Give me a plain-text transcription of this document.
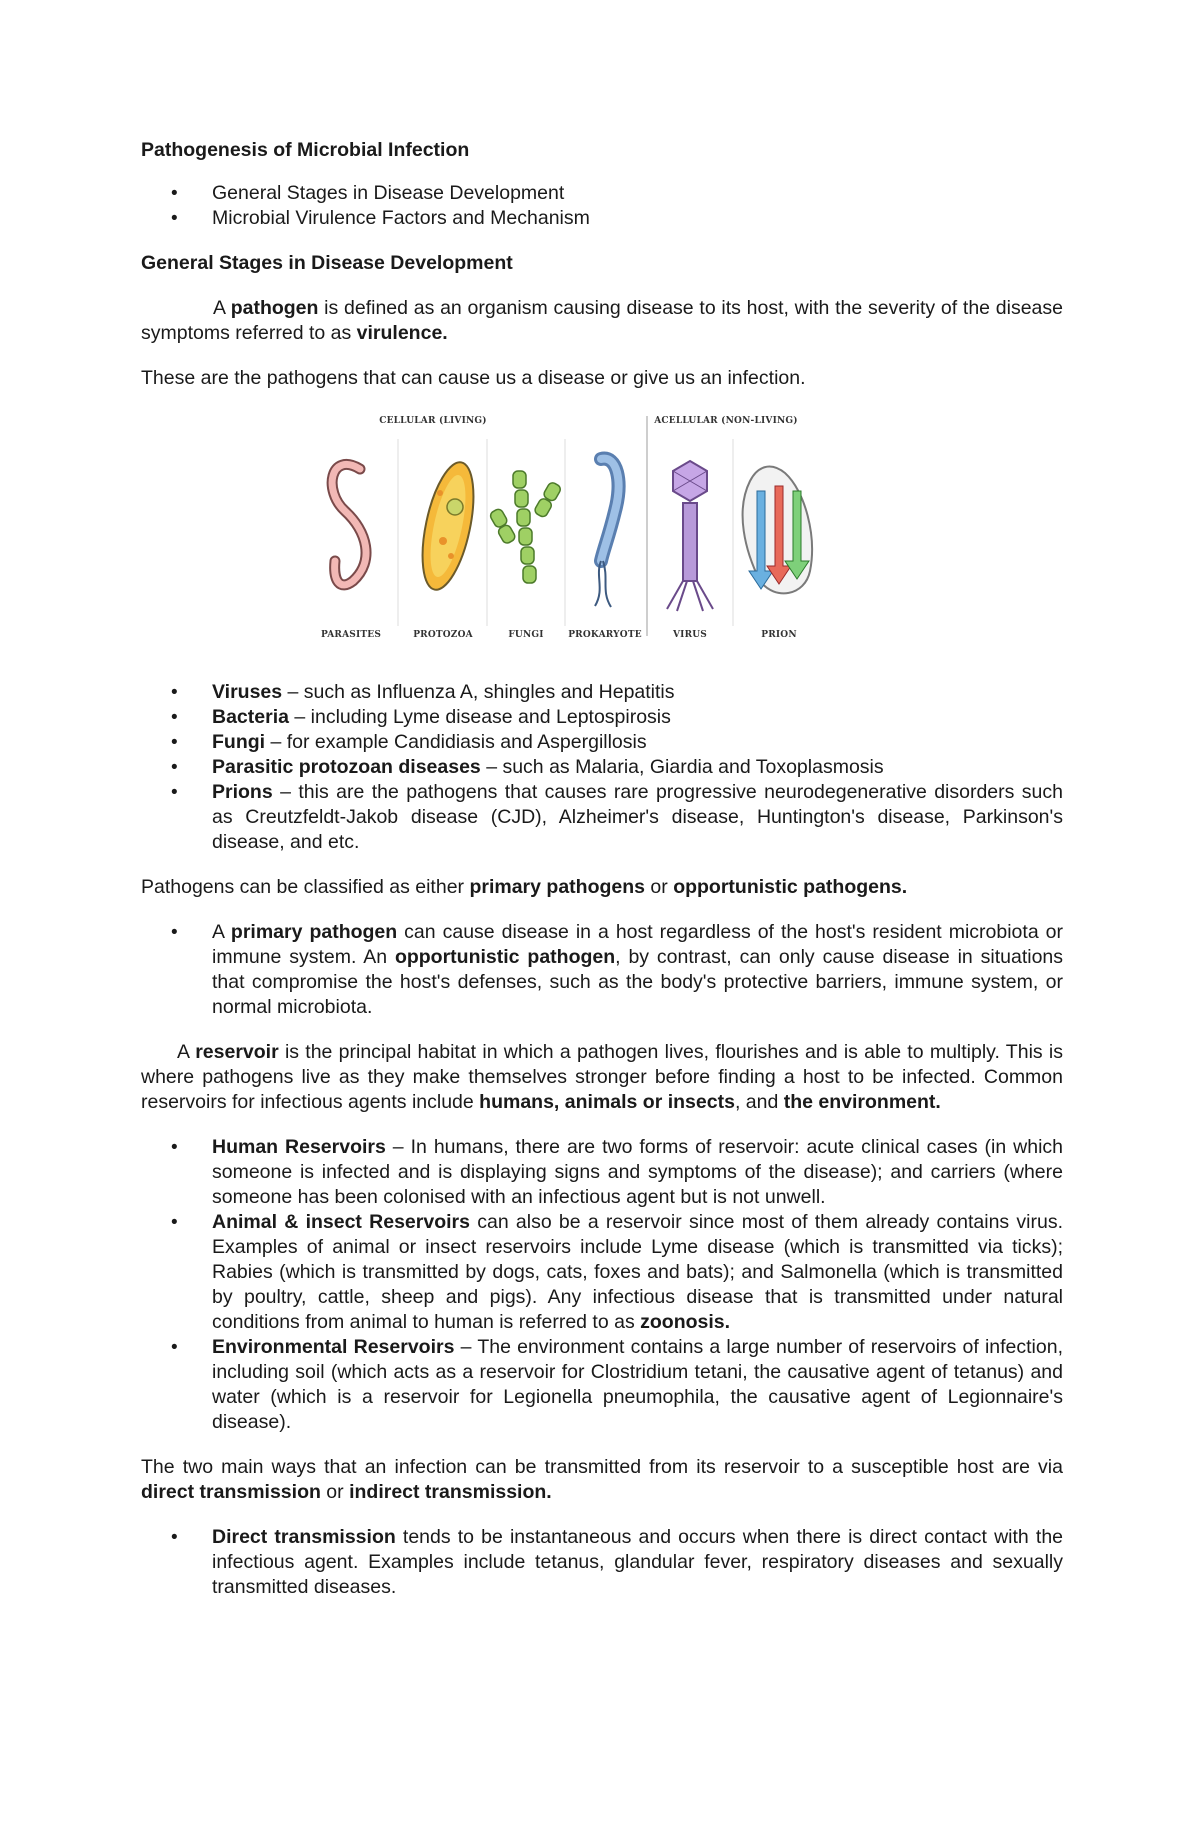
Pathogenesis of Microbial Infection
• General Stages in Disease Development
• Microbial Virulence Factors and Mechanism
General Stages in Disease Development

A pathogen is defined as an organism causing disease to its host, with the severity of the disease symptoms referred to as virulence.

These are the pathogens that can cause us a disease or give us an infection.

CELLULAR (LIVING)	ACELLULAR (NON-LIVING)
PARASITES	PROTOZOA	FUNGI	PROKARYOTE	VIRUS	PRION
• Viruses – such as Influenza A, shingles and Hepatitis
• Bacteria – including Lyme disease and Leptospirosis
• Fungi – for example Candidiasis and Aspergillosis
• Parasitic protozoan diseases – such as Malaria, Giardia and Toxoplasmosis
• Prions – this are the pathogens that causes rare progressive neurodegenerative disorders such as Creutzfeldt-Jakob disease (CJD), Alzheimer's disease, Huntington's disease, Parkinson's disease, and etc.

Pathogens can be classified as either primary pathogens or opportunistic pathogens.

• A primary pathogen can cause disease in a host regardless of the host's resident microbiota or immune system. An opportunistic pathogen, by contrast, can only cause disease in situations that compromise the host's defenses, such as the body's protective barriers, immune system, or normal microbiota.

A reservoir is the principal habitat in which a pathogen lives, flourishes and is able to multiply. This is where pathogens live as they make themselves stronger before finding a host to be infected. Common reservoirs for infectious agents include humans, animals or insects, and the environment.

• Human Reservoirs – In humans, there are two forms of reservoir: acute clinical cases (in which someone is infected and is displaying signs and symptoms of the disease); and carriers (where someone has been colonised with an infectious agent but is not unwell.
• Animal & insect Reservoirs can also be a reservoir since most of them already contains virus. Examples of animal or insect reservoirs include Lyme disease (which is transmitted via ticks); Rabies (which is transmitted by dogs, cats, foxes and bats); and Salmonella (which is transmitted by poultry, cattle, sheep and pigs). Any infectious disease that is transmitted under natural conditions from animal to human is referred to as zoonosis.
• Environmental Reservoirs – The environment contains a large number of reservoirs of infection, including soil (which acts as a reservoir for Clostridium tetani, the causative agent of tetanus) and water (which is a reservoir for Legionella pneumophila, the causative agent of Legionnaire's disease).

The two main ways that an infection can be transmitted from its reservoir to a susceptible host are via direct transmission or indirect transmission.

• Direct transmission tends to be instantaneous and occurs when there is direct contact with the infectious agent. Examples include tetanus, glandular fever, respiratory diseases and sexually transmitted diseases.
